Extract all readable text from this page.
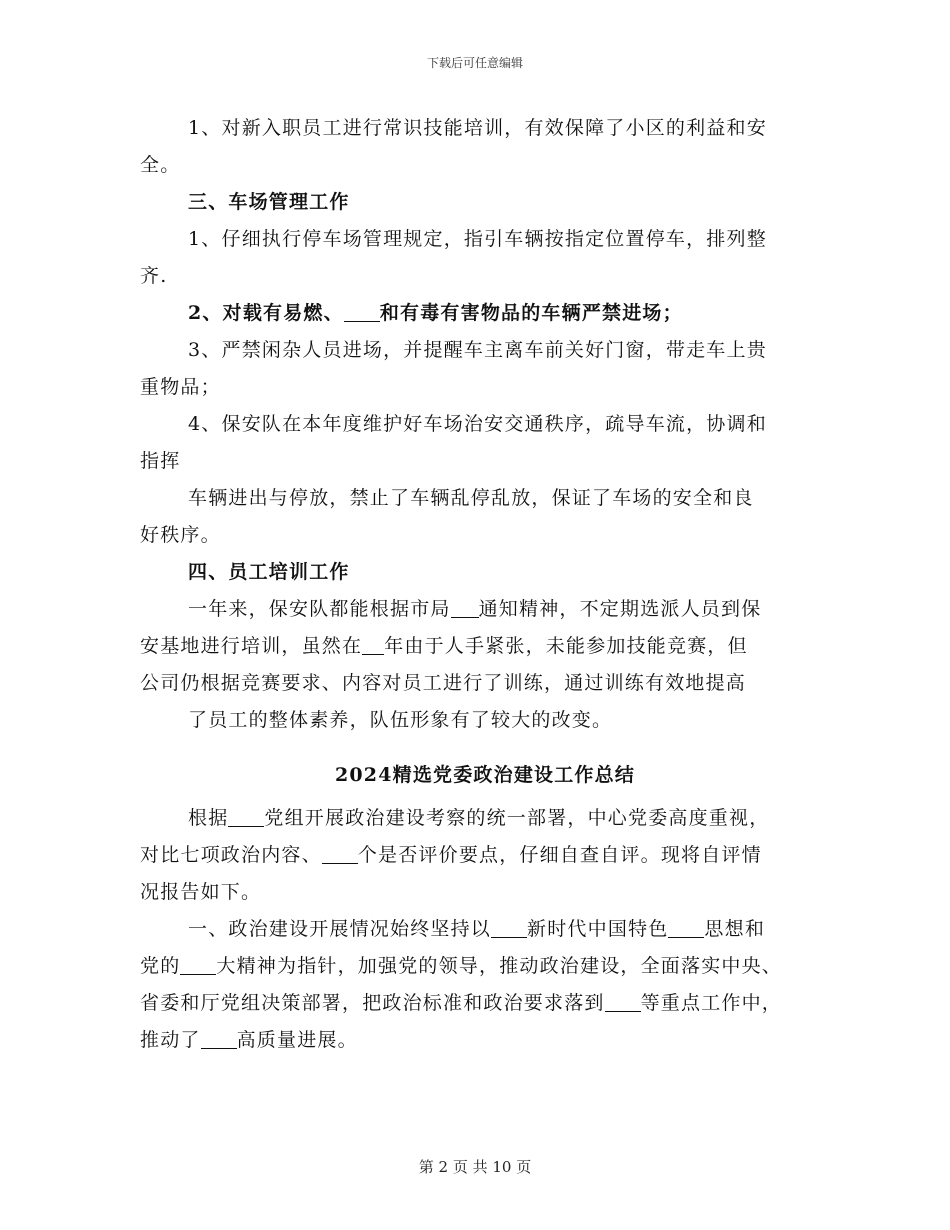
下载后可任意编辑
1、对新入职员工进行常识技能培训，有效保障了小区的利益和安
全。
三、车场管理工作
1、仔细执行停车场管理规定，指引车辆按指定位置停车，排列整
齐.
2、对载有易燃、 和有毒有害物品的车辆严禁进场；
3、严禁闲杂人员进场，并提醒车主离车前关好门窗，带走车上贵
重物品；
4、保安队在本年度维护好车场治安交通秩序，疏导车流，协调和
指挥
车辆进出与停放，禁止了车辆乱停乱放，保证了车场的安全和良
好秩序。
四、员工培训工作
一年来，保安队都能根据市局 通知精神，不定期选派人员到保
安基地进行培训，虽然在 年由于人手紧张，未能参加技能竞赛，但
公司仍根据竞赛要求、内容对员工进行了训练，通过训练有效地提高
了员工的整体素养，队伍形象有了较大的改变。
2024精选党委政治建设工作总结
根据 党组开展政治建设考察的统一部署，中心党委高度重视，
对比七项政治内容、 个是否评价要点，仔细自查自评。现将自评情
况报告如下。
一、政治建设开展情况始终坚持以 新时代中国特色 思想和
党的 大精神为指针，加强党的领导，推动政治建设，全面落实中央、
省委和厅党组决策部署，把政治标准和政治要求落到 等重点工作中，
推动了 高质量进展。
第 2 页 共 10 页
